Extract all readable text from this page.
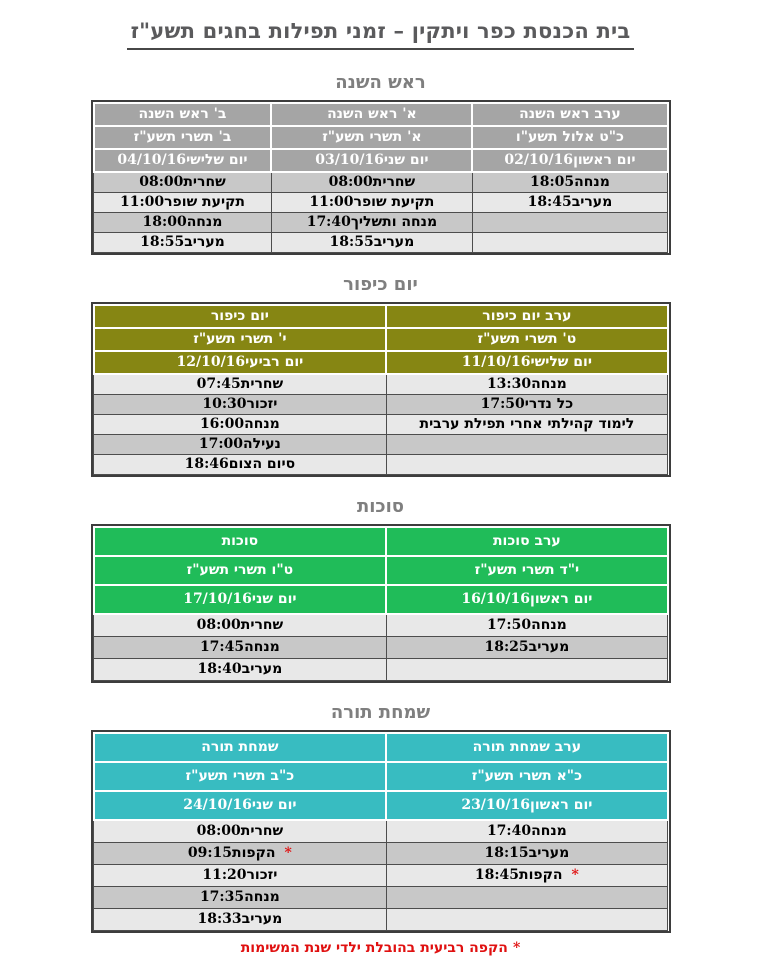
בית הכנסת כפר ויתקין – זמני תפילות בחגים תשע"ז
ראש השנה
ערב ראש השנה	א' ראש השנה	ב' ראש השנה
כ"ט אלול תשע"ו	א' תשרי תשע"ז	ב' תשרי תשע"ז
יום ראשון02/10/16	יום שני03/10/16	יום שלישי04/10/16
מנחה18:05	שחרית08:00	שחרית08:00
מעריב18:45	תקיעת שופר11:00	תקיעת שופר11:00
	מנחה ותשליך17:40	מנחה18:00
	מעריב18:55	מעריב18:55
יום כיפור
ערב יום כיפור	יום כיפור
ט' תשרי תשע"ז	י' תשרי תשע"ז
יום שלישי11/10/16	יום רביעי12/10/16
מנחה13:30	שחרית07:45
כל נדרי17:50	יזכור10:30
לימוד קהילתי אחרי תפילת ערבית	מנחה16:00
	נעילה17:00
	סיום הצום18:46
סוכות
ערב סוכות	סוכות
י"ד תשרי תשע"ז	ט"ו תשרי תשע"ז
יום ראשון16/10/16	יום שני17/10/16
מנחה17:50	שחרית08:00
מעריב18:25	מנחה17:45
	מעריב18:40
שמחת תורה
ערב שמחת תורה	שמחת תורה
כ"א תשרי תשע"ז	כ"ב תשרי תשע"ז
יום ראשון23/10/16	יום שני24/10/16
מנחה17:40	שחרית08:00
מעריב18:15	*הקפות09:15
*הקפות18:45	יזכור11:20
	מנחה17:35
	מעריב18:33

*הקפה רביעית בהובלת ילדי שנת המשימות
